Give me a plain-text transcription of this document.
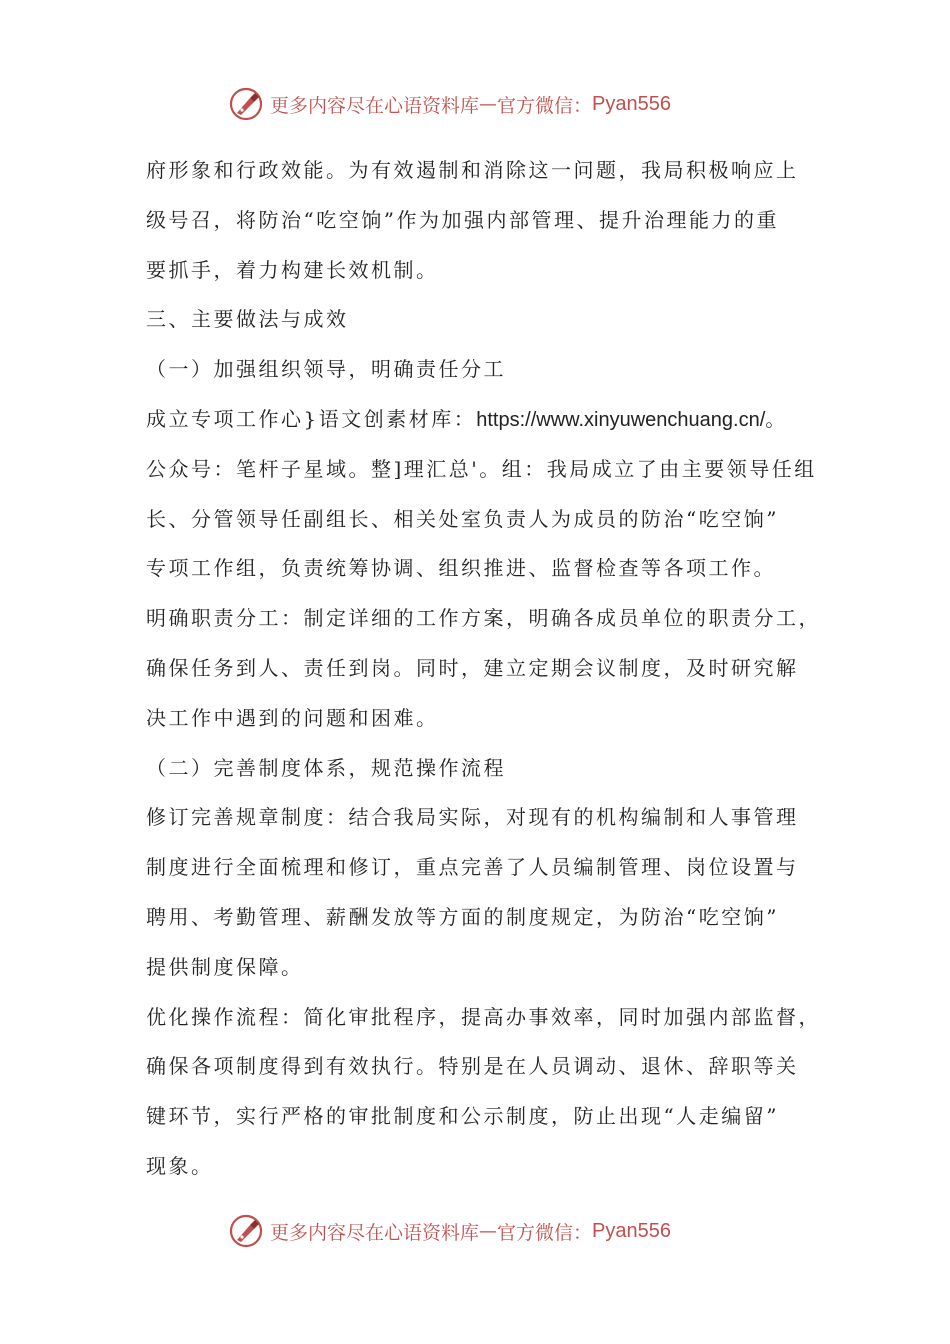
更多内容尽在心语资料库 — 官方微信： Pyan556
府形象和行政效能。为有效遏制和消除这一问题，我局积极响应上
级号召，将防治“吃空饷”作为加强内部管理、提升治理能力的重
要抓手，着力构建长效机制。
三、主要做法与成效
（一）加强组织领导，明确责任分工
成立专项工作心}语文创素材库：https://www.xinyuwenchuang.cn/。
公众号：笔杆子星域。整]理汇总'。组：我局成立了由主要领导任组
长、分管领导任副组长、相关处室负责人为成员的防治“吃空饷”
专项工作组，负责统筹协调、组织推进、监督检查等各项工作。
明确职责分工：制定详细的工作方案，明确各成员单位的职责分工，
确保任务到人、责任到岗。同时，建立定期会议制度，及时研究解
决工作中遇到的问题和困难。
（二）完善制度体系，规范操作流程
修订完善规章制度：结合我局实际，对现有的机构编制和人事管理
制度进行全面梳理和修订，重点完善了人员编制管理、岗位设置与
聘用、考勤管理、薪酬发放等方面的制度规定，为防治“吃空饷”
提供制度保障。
优化操作流程：简化审批程序，提高办事效率，同时加强内部监督，
确保各项制度得到有效执行。特别是在人员调动、退休、辞职等关
键环节，实行严格的审批制度和公示制度，防止出现“人走编留”
现象。
更多内容尽在心语资料库 — 官方微信： Pyan556
